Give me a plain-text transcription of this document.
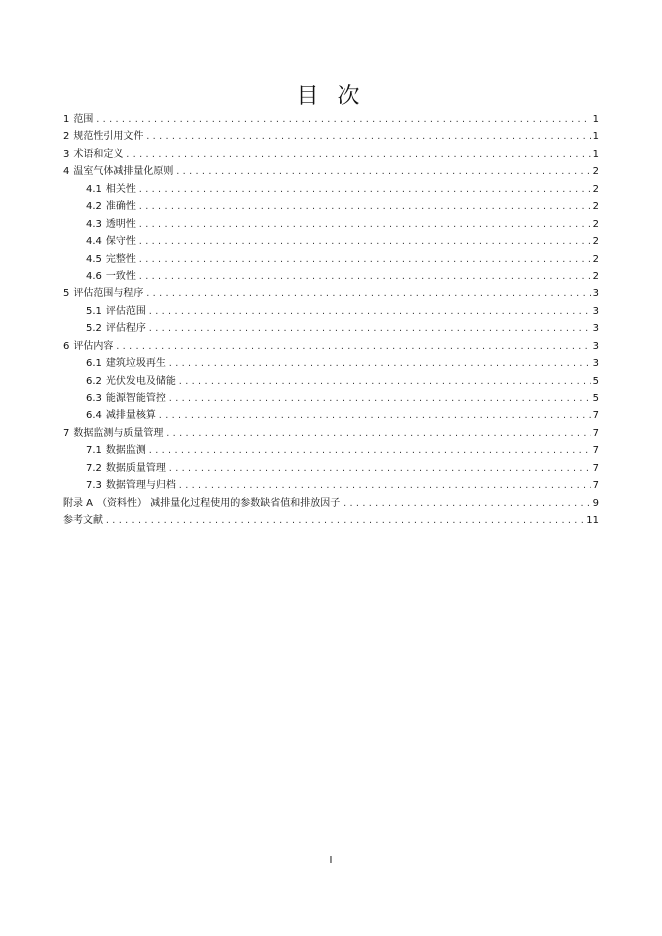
目 次
1 范围 .....	1
2 规范性引用文件 .....	1
3 术语和定义 .....	1
4 温室气体减排量化原则 .....	2
4.1 相关性 .....	2
4.2 准确性 .....	2
4.3 透明性 .....	2
4.4 保守性 .....	2
4.5 完整性 .....	2
4.6 一致性 .....	2
5 评估范围与程序 .....	3
5.1 评估范围 .....	3
5.2 评估程序 .....	3
6 评估内容 .....	3
6.1 建筑垃圾再生 .....	3
6.2 光伏发电及储能 .....	5
6.3 能源智能管控 .....	5
6.4 减排量核算 .....	7
7 数据监测与质量管理 .....	7
7.1 数据监测 .....	7
7.2 数据质量管理 .....	7
7.3 数据管理与归档 .....	7
附录 A （资料性） 减排量化过程使用的参数缺省值和排放因子 .....	9
参考文献 .....	11
I
